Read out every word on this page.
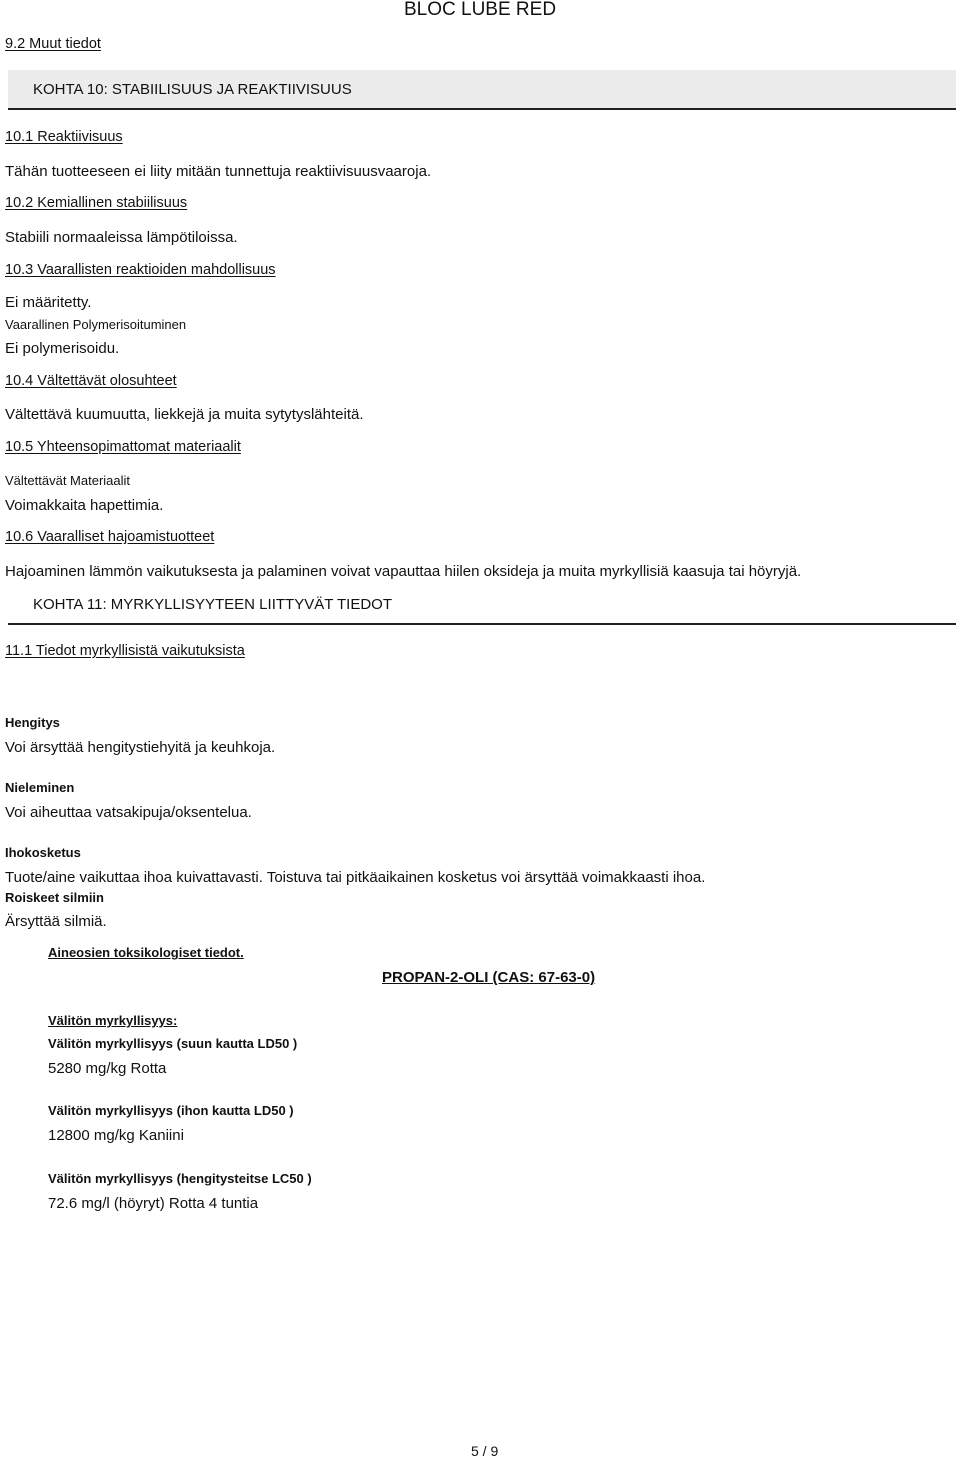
BLOC LUBE RED
9.2 Muut tiedot
KOHTA 10: STABIILISUUS JA REAKTIIVISUUS
10.1 Reaktiivisuus
Tähän tuotteeseen ei liity mitään tunnettuja reaktiivisuusvaaroja.
10.2 Kemiallinen stabiilisuus
Stabiili normaaleissa lämpötiloissa.
10.3 Vaarallisten reaktioiden mahdollisuus
Ei määritetty.
Vaarallinen Polymerisoituminen
Ei polymerisoidu.
10.4 Vältettävät olosuhteet
Vältettävä kuumuutta, liekkejä ja muita sytytyslähteitä.
10.5 Yhteensopimattomat materiaalit
Vältettävät Materiaalit
Voimakkaita hapettimia.
10.6 Vaaralliset hajoamistuotteet
Hajoaminen lämmön vaikutuksesta ja palaminen voivat vapauttaa hiilen oksideja ja muita myrkyllisiä kaasuja tai höyryjä.
KOHTA 11: MYRKYLLISYYTEEN LIITTYVÄT TIEDOT
11.1 Tiedot myrkyllisistä vaikutuksista
Hengitys
Voi ärsyttää hengitystiehyitä ja keuhkoja.
Nieleminen
Voi aiheuttaa vatsakipuja/oksentelua.
Ihokosketus
Tuote/aine vaikuttaa ihoa kuivattavasti. Toistuva tai pitkäaikainen kosketus voi ärsyttää voimakkaasti ihoa.
Roiskeet silmiin
Ärsyttää silmiä.
Aineosien toksikologiset tiedot.
PROPAN-2-OLI (CAS: 67-63-0)
Välitön myrkyllisyys:
Välitön myrkyllisyys (suun kautta LD50 )
5280 mg/kg Rotta
Välitön myrkyllisyys (ihon kautta LD50 )
12800 mg/kg Kaniini
Välitön myrkyllisyys (hengitysteitse LC50 )
72.6 mg/l (höyryt) Rotta 4 tuntia
5 / 9
